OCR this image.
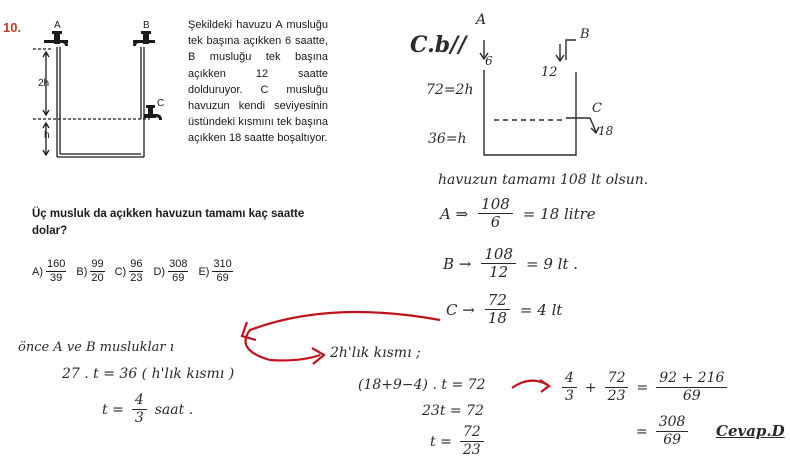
10.	A	B
C
2h
h
Şekildeki havuzu A musluğu tek başına açıkken 6 saatte, B musluğu tek başına açıkken 12 saatte dolduruyor. C musluğu havuzun kendi seviyesinin üstündeki kısmını tek başına açıkken 18 saatte boşaltıyor.
Üç musluk da açıkken havuzun tamamı kaç saatte dolar?
$A) \frac{160}{39} B) \frac{99}{20} C) \frac{96}{23} D) \frac{308}{69} E) \frac{310}{69}$
C.b//
A
6
B
12
C
18
72=2h
36=h
havuzun tamamı 108 lt olsun.
A ⇒ $\frac{108}{6} = 18$ litre
$B \to \frac{108}{12} = 9$ lt .
$C \to \frac{72}{18} = 4$ lt
önce A ve B musluklar ı
27 . t = 36 ( h'lık kısmı )
$t = \frac{4}{3}$ saat .
2h'lık kısmı ;
(18+9−4) . t = 72
23t = 72
$t = \frac{72}{23}$
4
3
+ $\frac{72}{23} = \frac{92 + 216}{69}$
= $\frac{308}{69}$ Cevap.D
